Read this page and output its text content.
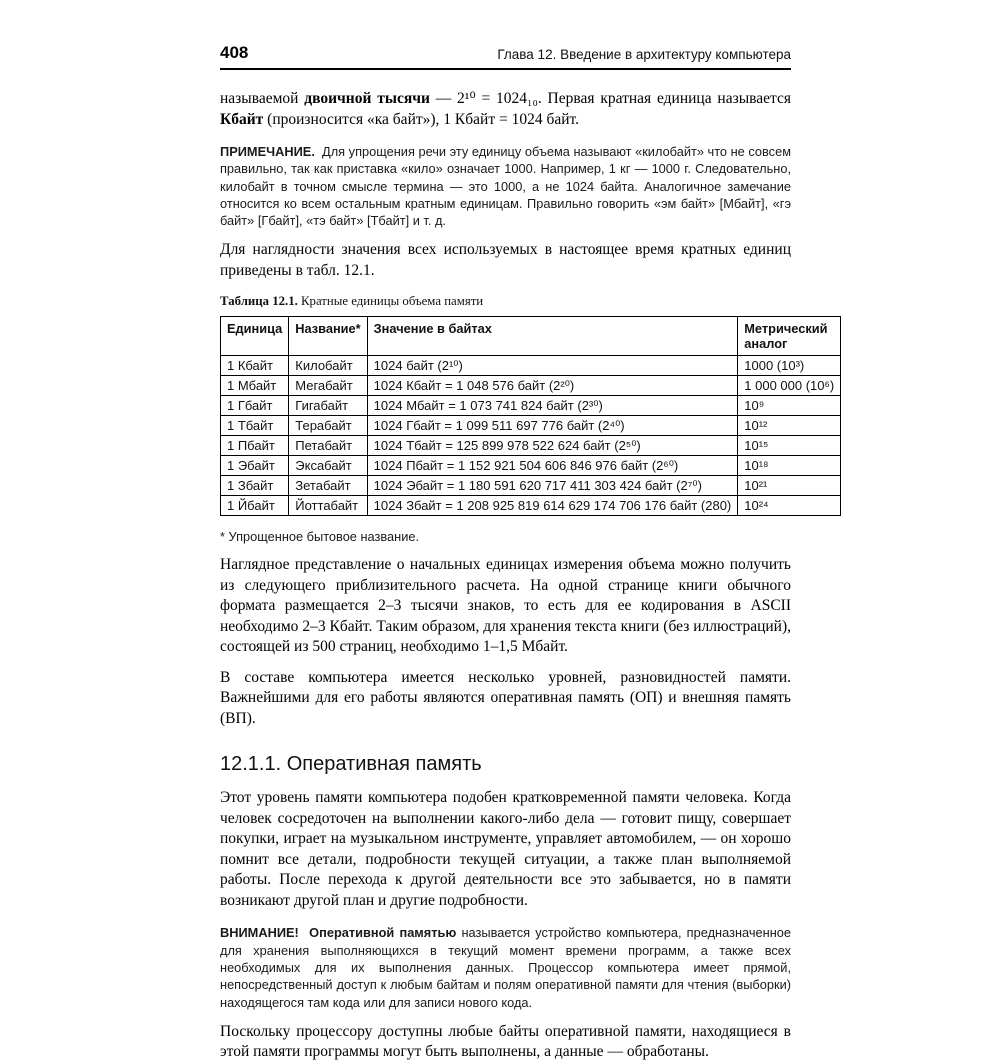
408	Глава 12. Введение в архитектуру компьютера

называемой двоичной тысячи — 2¹⁰ = 1024₁₀. Первая кратная единица называется Кбайт (произносится «ка байт»), 1 Кбайт = 1024 байт.

ПРИМЕЧАНИЕ. Для упрощения речи эту единицу объема называют «килобайт» что не совсем правильно, так как приставка «кило» означает 1000. Например, 1 кг — 1000 г. Следовательно, килобайт в точном смысле термина — это 1000, а не 1024 байта. Аналогичное замечание относится ко всем остальным кратным единицам. Правильно говорить «эм байт» [Мбайт], «гэ байт» [Гбайт], «тэ байт» [Тбайт] и т. д.

Для наглядности значения всех используемых в настоящее время кратных единиц приведены в табл. 12.1.

Таблица 12.1. Кратные единицы объема памяти
Единица	Название*	Значение в байтах	Метрический аналог
1 Кбайт	Килобайт	1024 байт (2¹⁰)	1000 (10³)
1 Мбайт	Мегабайт	1024 Кбайт = 1 048 576 байт (2²⁰)	1 000 000 (10⁶)
1 Гбайт	Гигабайт	1024 Мбайт = 1 073 741 824 байт (2³⁰)	10⁹
1 Тбайт	Терабайт	1024 Гбайт = 1 099 511 697 776 байт (2⁴⁰)	10¹²
1 Пбайт	Петабайт	1024 Тбайт = 125 899 978 522 624 байт (2⁵⁰)	10¹⁵
1 Эбайт	Эксабайт	1024 Пбайт = 1 152 921 504 606 846 976 байт (2⁶⁰)	10¹⁸
1 Збайт	Зетабайт	1024 Эбайт = 1 180 591 620 717 411 303 424 байт (2⁷⁰)	10²¹
1 Йбайт	Йоттабайт	1024 Збайт = 1 208 925 819 614 629 174 706 176 байт (280)	10²⁴
* Упрощенное бытовое название.

Наглядное представление о начальных единицах измерения объема можно получить из следующего приблизительного расчета. На одной странице книги обычного формата размещается 2–3 тысячи знаков, то есть для ее кодирования в ASCII необходимо 2–3 Кбайт. Таким образом, для хранения текста книги (без иллюстраций), состоящей из 500 страниц, необходимо 1–1,5 Мбайт.

В составе компьютера имеется несколько уровней, разновидностей памяти. Важнейшими для его работы являются оперативная память (ОП) и внешняя память (ВП).

12.1.1. Оперативная память

Этот уровень памяти компьютера подобен кратковременной памяти человека. Когда человек сосредоточен на выполнении какого-либо дела — готовит пищу, совершает покупки, играет на музыкальном инструменте, управляет автомобилем, — он хорошо помнит все детали, подробности текущей ситуации, а также план выполняемой работы. После перехода к другой деятельности все это забывается, но в памяти возникают другой план и другие подробности.

ВНИМАНИЕ! Оперативной памятью называется устройство компьютера, предназначенное для хранения выполняющихся в текущий момент времени программ, а также всех необходимых для их выполнения данных. Процессор компьютера имеет прямой, непосредственный доступ к любым байтам и полям оперативной памяти для чтения (выборки) находящегося там кода или для записи нового кода.

Поскольку процессору доступны любые байты оперативной памяти, находящиеся в этой памяти программы могут быть выполнены, а данные — обработаны.
